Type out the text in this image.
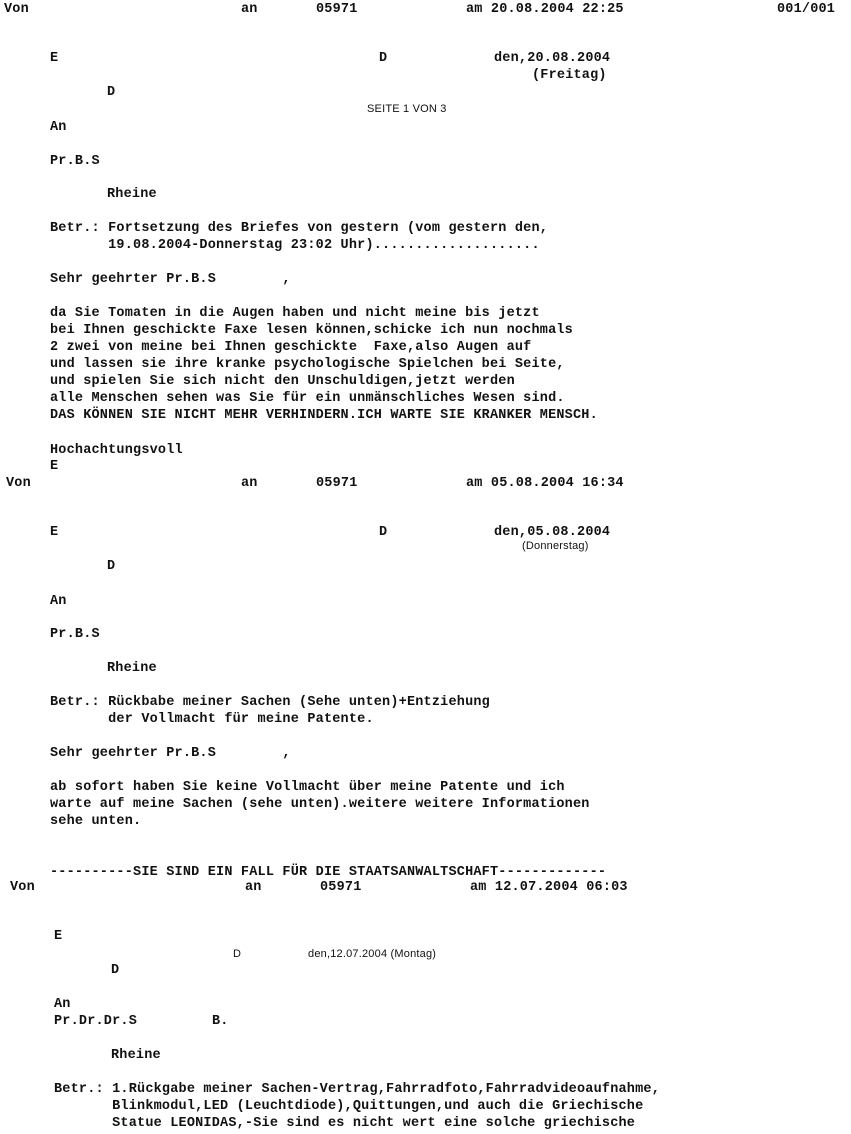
Von	an	05971	am 20.08.2004 22:25	001/001
E	D	den,20.08.2004
(Freitag)
D
SEITE 1 VON 3
An
Pr.B.S
Rheine
Betr.: Fortsetzung des Briefes von gestern (vom gestern den,
19.08.2004-Donnerstag 23:02 Uhr)....................
Sehr geehrter Pr.B.S        ,
da Sie Tomaten in die Augen haben und nicht meine bis jetzt
bei Ihnen geschickte Faxe lesen können,schicke ich nun nochmals
2 zwei von meine bei Ihnen geschickte  Faxe,also Augen auf
und lassen sie ihre kranke psychologische Spielchen bei Seite,
und spielen Sie sich nicht den Unschuldigen,jetzt werden
alle Menschen sehen was Sie für ein unmänschliches Wesen sind.
DAS KÖNNEN SIE NICHT MEHR VERHINDERN.ICH WARTE SIE KRANKER MENSCH.
Hochachtungsvoll
E
Von	an	05971	am 05.08.2004 16:34
E	D	den,05.08.2004
(Donnerstag)
D
An
Pr.B.S
Rheine
Betr.: Rückbabe meiner Sachen (Sehe unten)+Entziehung
der Vollmacht für meine Patente.
Sehr geehrter Pr.B.S        ,
ab sofort haben Sie keine Vollmacht über meine Patente und ich
warte auf meine Sachen (sehe unten).weitere weitere Informationen
sehe unten.
----------SIE SIND EIN FALL FÜR DIE STAATSANWALTSCHAFT-------------
Von	an	05971	am 12.07.2004 06:03
E
D	den,12.07.2004 (Montag)
D
An
Pr.Dr.Dr.S	B.
Rheine
Betr.: 1.Rückgabe meiner Sachen-Vertrag,Fahrradfoto,Fahrradvideoaufnahme,
Blinkmodul,LED (Leuchtdiode),Quittungen,und auch die Griechische
Statue LEONIDAS,-Sie sind es nicht wert eine solche griechische
